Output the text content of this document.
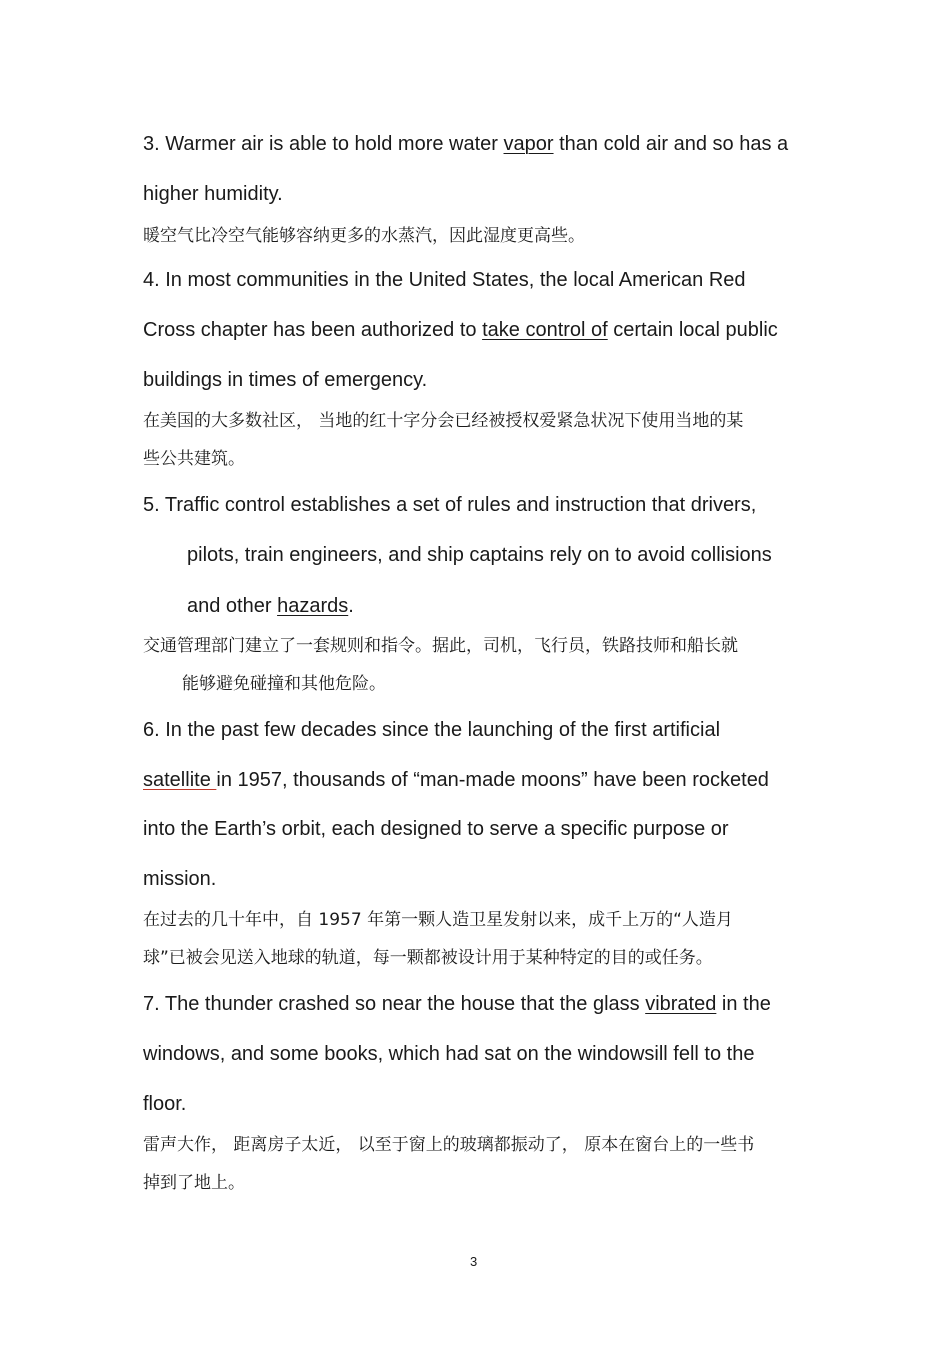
3. Warmer air is able to hold more water vapor than cold air and so has a
higher humidity.
暖空气比冷空气能够容纳更多的水蒸汽，因此湿度更高些。
4. In most communities in the United States, the local American Red
Cross chapter has been authorized to take control of certain local public
buildings in times of emergency.
在美国的大多数社区， 当地的红十字分会已经被授权爱紧急状况下使用当地的某
些公共建筑。
5. Traffic control establishes a set of rules and instruction that drivers,
pilots, train engineers, and ship captains rely on to avoid collisions
and other hazards.
交通管理部门建立了一套规则和指令。据此，司机，飞行员，铁路技师和船长就
能够避免碰撞和其他危险。
6. In the past few decades since the launching of the first artificial
satellite in 1957, thousands of “man-made moons” have been rocketed
into the Earth’s orbit, each designed to serve a specific purpose or
mission.
在过去的几十年中，自 1957 年第一颗人造卫星发射以来，成千上万的“人造月
球”已被会见送入地球的轨道，每一颗都被设计用于某种特定的目的或任务。
7. The thunder crashed so near the house that the glass vibrated in the
windows, and some books, which had sat on the windowsill fell to the
floor.
雷声大作， 距离房子太近， 以至于窗上的玻璃都振动了， 原本在窗台上的一些书
掉到了地上。
3
